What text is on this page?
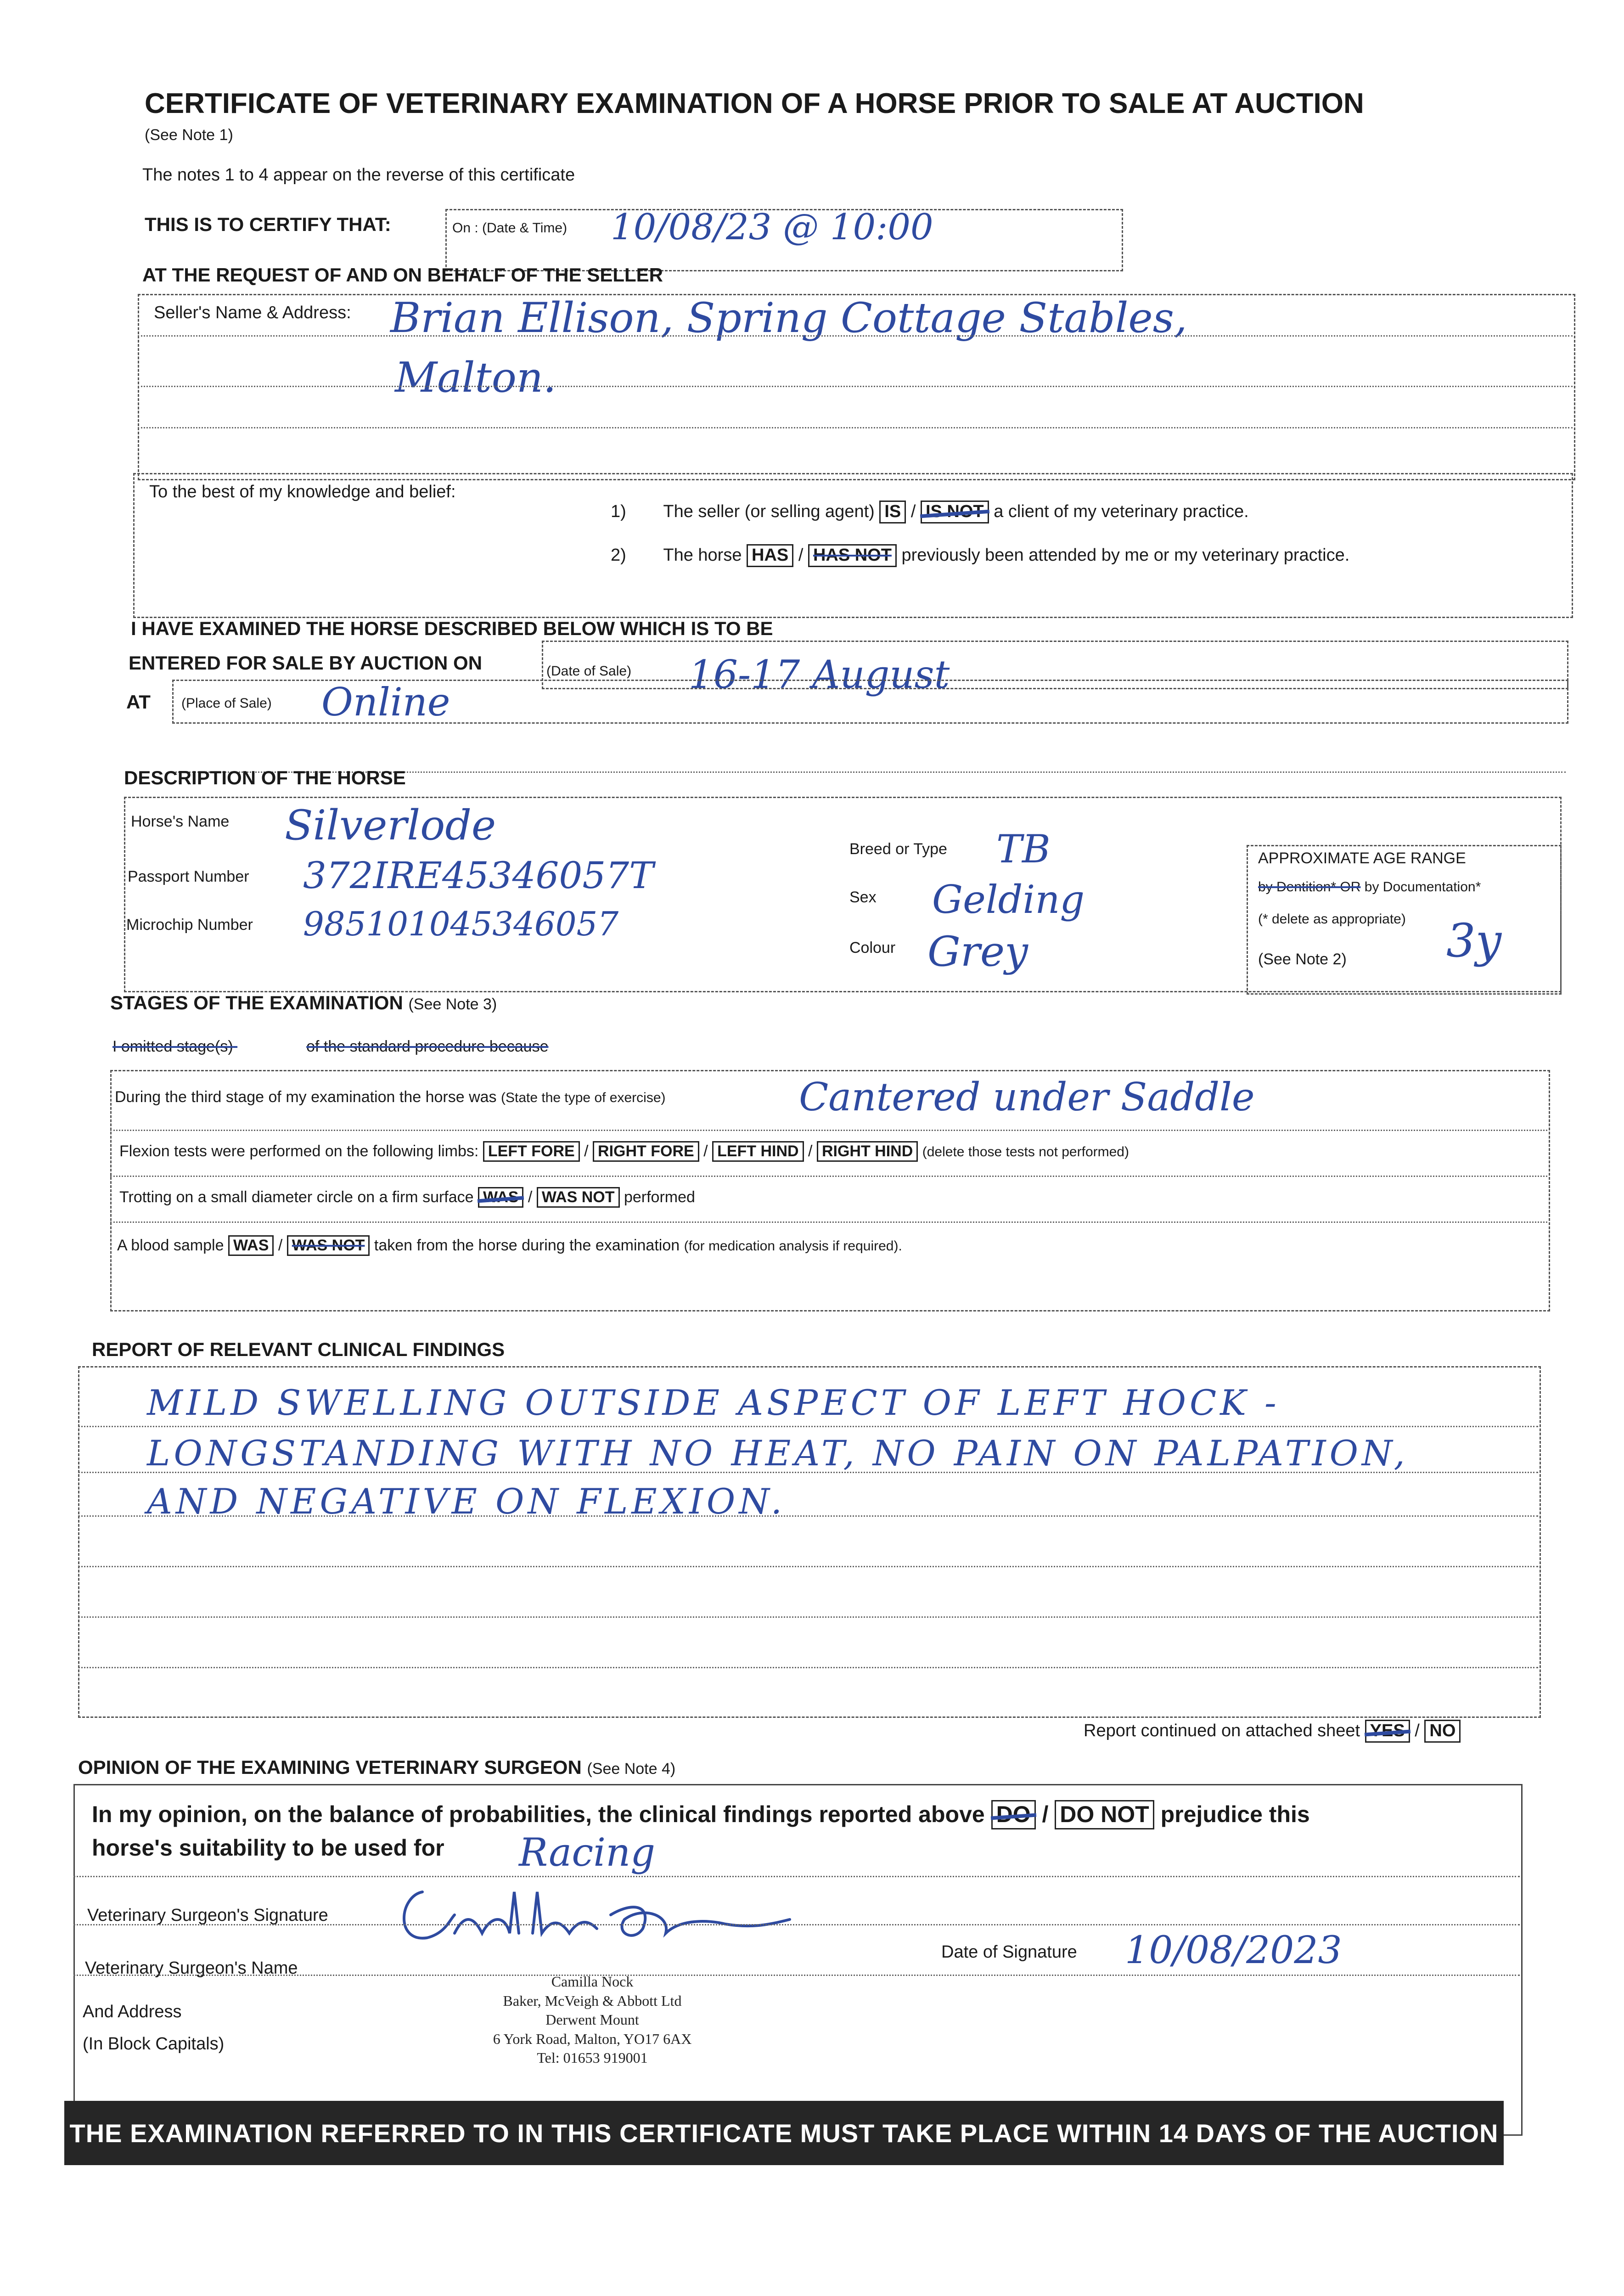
CERTIFICATE OF VETERINARY EXAMINATION OF A HORSE PRIOR TO SALE AT AUCTION
(See Note 1)
The notes 1 to 4 appear on the reverse of this certificate
THIS IS TO CERTIFY THAT:	On : (Date & Time) 10/08/23 @ 10:00
AT THE REQUEST OF AND ON BEHALF OF THE SELLER
Seller's Name & Address: Brian Ellison, Spring Cottage Stables,
Malton.
To the best of my knowledge and belief:
1) The seller (or selling agent) IS / IS NOT a client of my veterinary practice.
2) The horse HAS / HAS NOT previously been attended by me or my veterinary practice.
I HAVE EXAMINED THE HORSE DESCRIBED BELOW WHICH IS TO BE
ENTERED FOR SALE BY AUCTION ON	(Date of Sale) 16-17 August
AT (Place of Sale) Online
DESCRIPTION OF THE HORSE
Horse's Name Silverlode
Passport Number 372IRE45346057T
Microchip Number 985101045346057
Breed or Type TB
Sex Gelding
Colour Grey
APPROXIMATE AGE RANGE
by Dentition* OR by Documentation*
(* delete as appropriate)
(See Note 2) 3y
STAGES OF THE EXAMINATION (See Note 3)
I omitted stage(s)	of the standard procedure because
During the third stage of my examination the horse was (State the type of exercise)	Cantered under Saddle
Flexion tests were performed on the following limbs: LEFT FORE / RIGHT FORE / LEFT HIND / RIGHT HIND (delete those tests not performed)
Trotting on a small diameter circle on a firm surface WAS / WAS NOT performed
A blood sample WAS / WAS NOT taken from the horse during the examination (for medication analysis if required).
REPORT OF RELEVANT CLINICAL FINDINGS
MILD SWELLING OUTSIDE ASPECT OF LEFT HOCK -
LONGSTANDING WITH NO HEAT, NO PAIN ON PALPATION,
AND NEGATIVE ON FLEXION.
Report continued on attached sheet YES / NO
OPINION OF THE EXAMINING VETERINARY SURGEON (See Note 4)
In my opinion, on the balance of probabilities, the clinical findings reported above DO / DO NOT prejudice this
horse's suitability to be used for Racing
Veterinary Surgeon's Signature
Date of Signature 10/08/2023
Veterinary Surgeon's Name
And Address
(In Block Capitals)
Camilla Nock
Baker, McVeigh & Abbott Ltd
Derwent Mount
6 York Road, Malton, YO17 6AX
Tel: 01653 919001
THE EXAMINATION REFERRED TO IN THIS CERTIFICATE MUST TAKE PLACE WITHIN 14 DAYS OF THE AUCTION
